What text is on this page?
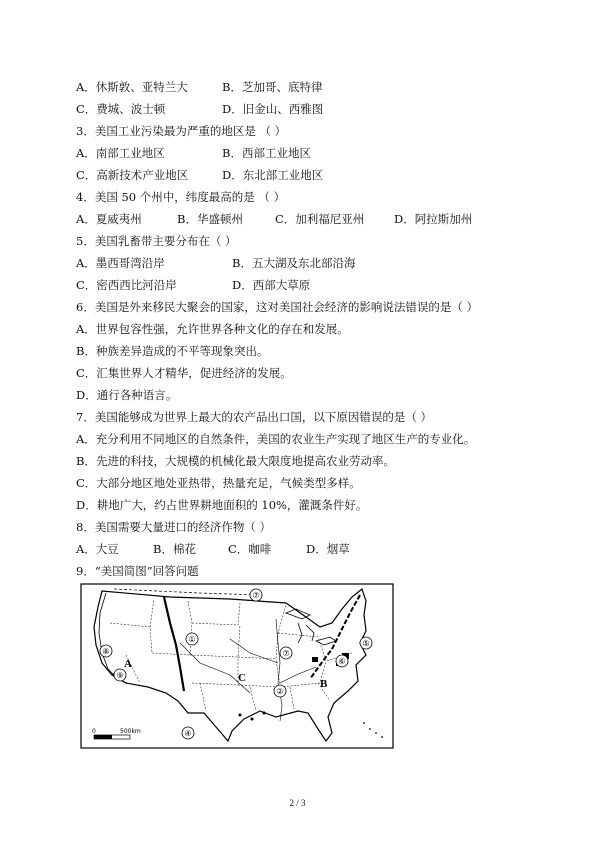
A．休斯敦、亚特兰大	B．芝加哥、底特律
C．费城、波士顿	D．旧金山、西雅图
3．美国工业污染最为严重的地区是 （ ）
A．南部工业地区	B．西部工业地区
C．高新技术产业地区	D．东北部工业地区
4．美国 50 个州中，纬度最高的是 （ ）
A．夏威夷州	B．华盛顿州	C．加利福尼亚州	D．阿拉斯加州
5．美国乳畜带主要分布在（ ）
A．墨西哥湾沿岸	B．五大湖及东北部沿海
C．密西西比河沿岸	D．西部大草原
6．美国是外来移民大聚会的国家，这对美国社会经济的影响说法错误的是（ ）
A．世界包容性强，允许世界各种文化的存在和发展。
B．种族差异造成的不平等现象突出。
C．汇集世界人才精华，促进经济的发展。
D．通行各种语言。
7．美国能够成为世界上最大的农产品出口国，以下原因错误的是（ ）
A．充分利用不同地区的自然条件，美国的农业生产实现了地区生产的专业化。
B．先进的科技，大规模的机械化最大限度地提高农业劳动率。
C．大部分地区地处亚热带，热量充足，气候类型多样。
D．耕地广大，约占世界耕地面积的 10%，灌溉条件好。
8．美国需要大量进口的经济作物（ ）
A．大豆	B．棉花	C．咖啡	D．烟草
9．“美国简图”回答问题
⑦
①
⑦
②
⑤
⑥
⑧
⑨
④
A
C	B
0	500km
2 / 3
